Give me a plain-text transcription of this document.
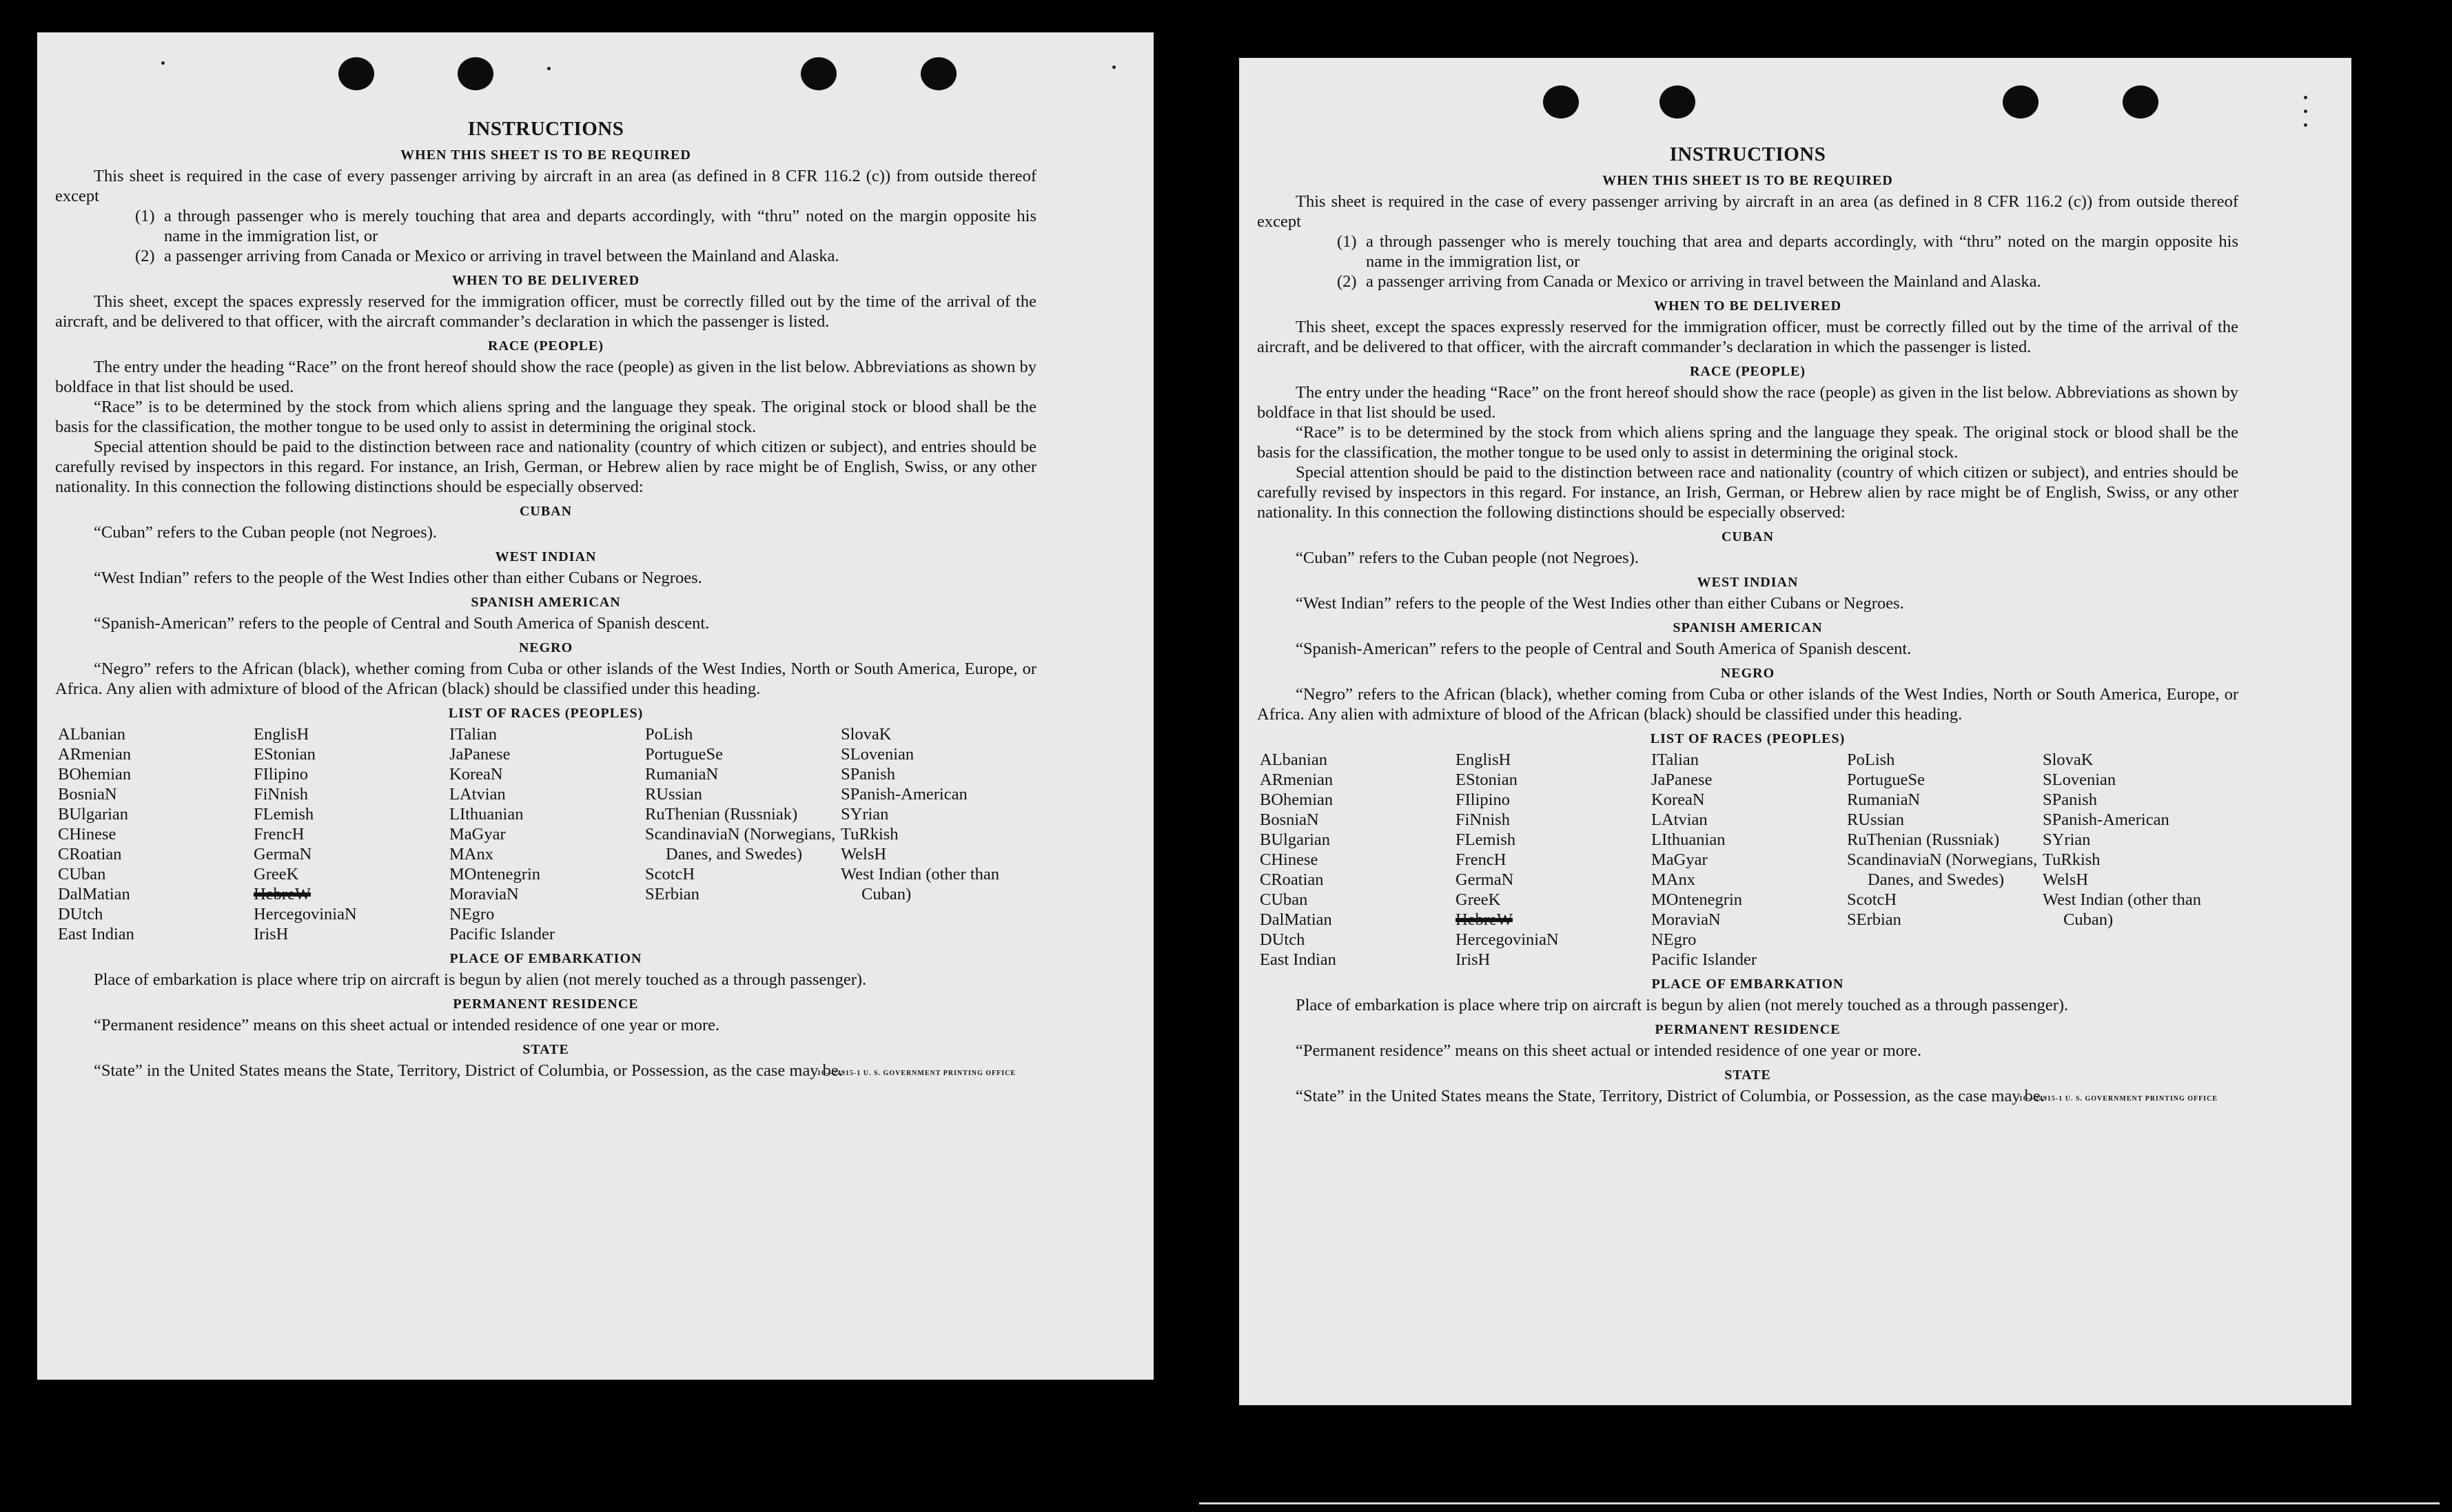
INSTRUCTIONS
WHEN THIS SHEET IS TO BE REQUIRED

This sheet is required in the case of every passenger arriving by aircraft in an area (as defined in 8 CFR 116.2 (c)) from outside thereof except

(1) a through passenger who is merely touching that area and departs accordingly, with “thru” noted on the margin opposite his name in the immigration list, or
(2) a passenger arriving from Canada or Mexico or arriving in travel between the Mainland and Alaska.
WHEN TO BE DELIVERED

This sheet, except the spaces expressly reserved for the immigration officer, must be correctly filled out by the time of the arrival of the aircraft, and be delivered to that officer, with the aircraft commander’s declaration in which the passenger is listed.

RACE (PEOPLE)

The entry under the heading “Race” on the front hereof should show the race (people) as given in the list below. Abbreviations as shown by boldface in that list should be used.

“Race” is to be determined by the stock from which aliens spring and the language they speak. The original stock or blood shall be the basis for the classification, the mother tongue to be used only to assist in determining the original stock.

Special attention should be paid to the distinction between race and nationality (country of which citizen or subject), and entries should be carefully revised by inspectors in this regard. For instance, an Irish, German, or Hebrew alien by race might be of English, Swiss, or any other nationality. In this connection the following distinctions should be especially observed:

CUBAN

“Cuban” refers to the Cuban people (not Negroes).

WEST INDIAN

“West Indian” refers to the people of the West Indies other than either Cubans or Negroes.

SPANISH AMERICAN

“Spanish-American” refers to the people of Central and South America of Spanish descent.

NEGRO

“Negro” refers to the African (black), whether coming from Cuba or other islands of the West Indies, North or South America, Europe, or Africa. Any alien with admixture of blood of the African (black) should be classified under this heading.

LIST OF RACES (PEOPLES)
ALbanian
ARmenian
BOhemian
BosniaN
BUlgarian
CHinese
CRoatian
CUban
DalMatian
DUtch
East Indian
EnglisH
EStonian
FIlipino
FiNnish
FLemish
FrencH
GermaN
GreeK
HebreW
HercegoviniaN
IrisH
ITalian
JaPanese
KoreaN
LAtvian
LIthuanian
MaGyar
MAnx
MOntenegrin
MoraviaN
NEgro
Pacific Islander
PoLish
PortugueSe
RumaniaN
RUssian
RuThenian (Russniak)
ScandinaviaN (Norwegians, Danes, and Swedes)
ScotcH
SErbian
SlovaK
SLovenian
SPanish
SPanish-American
SYrian
TuRkish
WelsH
West Indian (other than Cuban)
PLACE OF EMBARKATION

Place of embarkation is place where trip on aircraft is begun by alien (not merely touched as a through passenger).

PERMANENT RESIDENCE

“Permanent residence” means on this sheet actual or intended residence of one year or more.

STATE

“State” in the United States means the State, Territory, District of Columbia, or Possession, as the case may be.

16—24915-1 U. S. GOVERNMENT PRINTING OFFICE
INSTRUCTIONS
WHEN THIS SHEET IS TO BE REQUIRED

This sheet is required in the case of every passenger arriving by aircraft in an area (as defined in 8 CFR 116.2 (c)) from outside thereof except

(1) a through passenger who is merely touching that area and departs accordingly, with “thru” noted on the margin opposite his name in the immigration list, or
(2) a passenger arriving from Canada or Mexico or arriving in travel between the Mainland and Alaska.
WHEN TO BE DELIVERED

This sheet, except the spaces expressly reserved for the immigration officer, must be correctly filled out by the time of the arrival of the aircraft, and be delivered to that officer, with the aircraft commander’s declaration in which the passenger is listed.

RACE (PEOPLE)

The entry under the heading “Race” on the front hereof should show the race (people) as given in the list below. Abbreviations as shown by boldface in that list should be used.

“Race” is to be determined by the stock from which aliens spring and the language they speak. The original stock or blood shall be the basis for the classification, the mother tongue to be used only to assist in determining the original stock.

Special attention should be paid to the distinction between race and nationality (country of which citizen or subject), and entries should be carefully revised by inspectors in this regard. For instance, an Irish, German, or Hebrew alien by race might be of English, Swiss, or any other nationality. In this connection the following distinctions should be especially observed:

CUBAN

“Cuban” refers to the Cuban people (not Negroes).

WEST INDIAN

“West Indian” refers to the people of the West Indies other than either Cubans or Negroes.

SPANISH AMERICAN

“Spanish-American” refers to the people of Central and South America of Spanish descent.

NEGRO

“Negro” refers to the African (black), whether coming from Cuba or other islands of the West Indies, North or South America, Europe, or Africa. Any alien with admixture of blood of the African (black) should be classified under this heading.

LIST OF RACES (PEOPLES)
ALbanian
ARmenian
BOhemian
BosniaN
BUlgarian
CHinese
CRoatian
CUban
DalMatian
DUtch
East Indian
EnglisH
EStonian
FIlipino
FiNnish
FLemish
FrencH
GermaN
GreeK
HebreW
HercegoviniaN
IrisH
ITalian
JaPanese
KoreaN
LAtvian
LIthuanian
MaGyar
MAnx
MOntenegrin
MoraviaN
NEgro
Pacific Islander
PoLish
PortugueSe
RumaniaN
RUssian
RuThenian (Russniak)
ScandinaviaN (Norwegians, Danes, and Swedes)
ScotcH
SErbian
SlovaK
SLovenian
SPanish
SPanish-American
SYrian
TuRkish
WelsH
West Indian (other than Cuban)
PLACE OF EMBARKATION

Place of embarkation is place where trip on aircraft is begun by alien (not merely touched as a through passenger).

PERMANENT RESIDENCE

“Permanent residence” means on this sheet actual or intended residence of one year or more.

STATE

“State” in the United States means the State, Territory, District of Columbia, or Possession, as the case may be.

16—24915-1 U. S. GOVERNMENT PRINTING OFFICE
